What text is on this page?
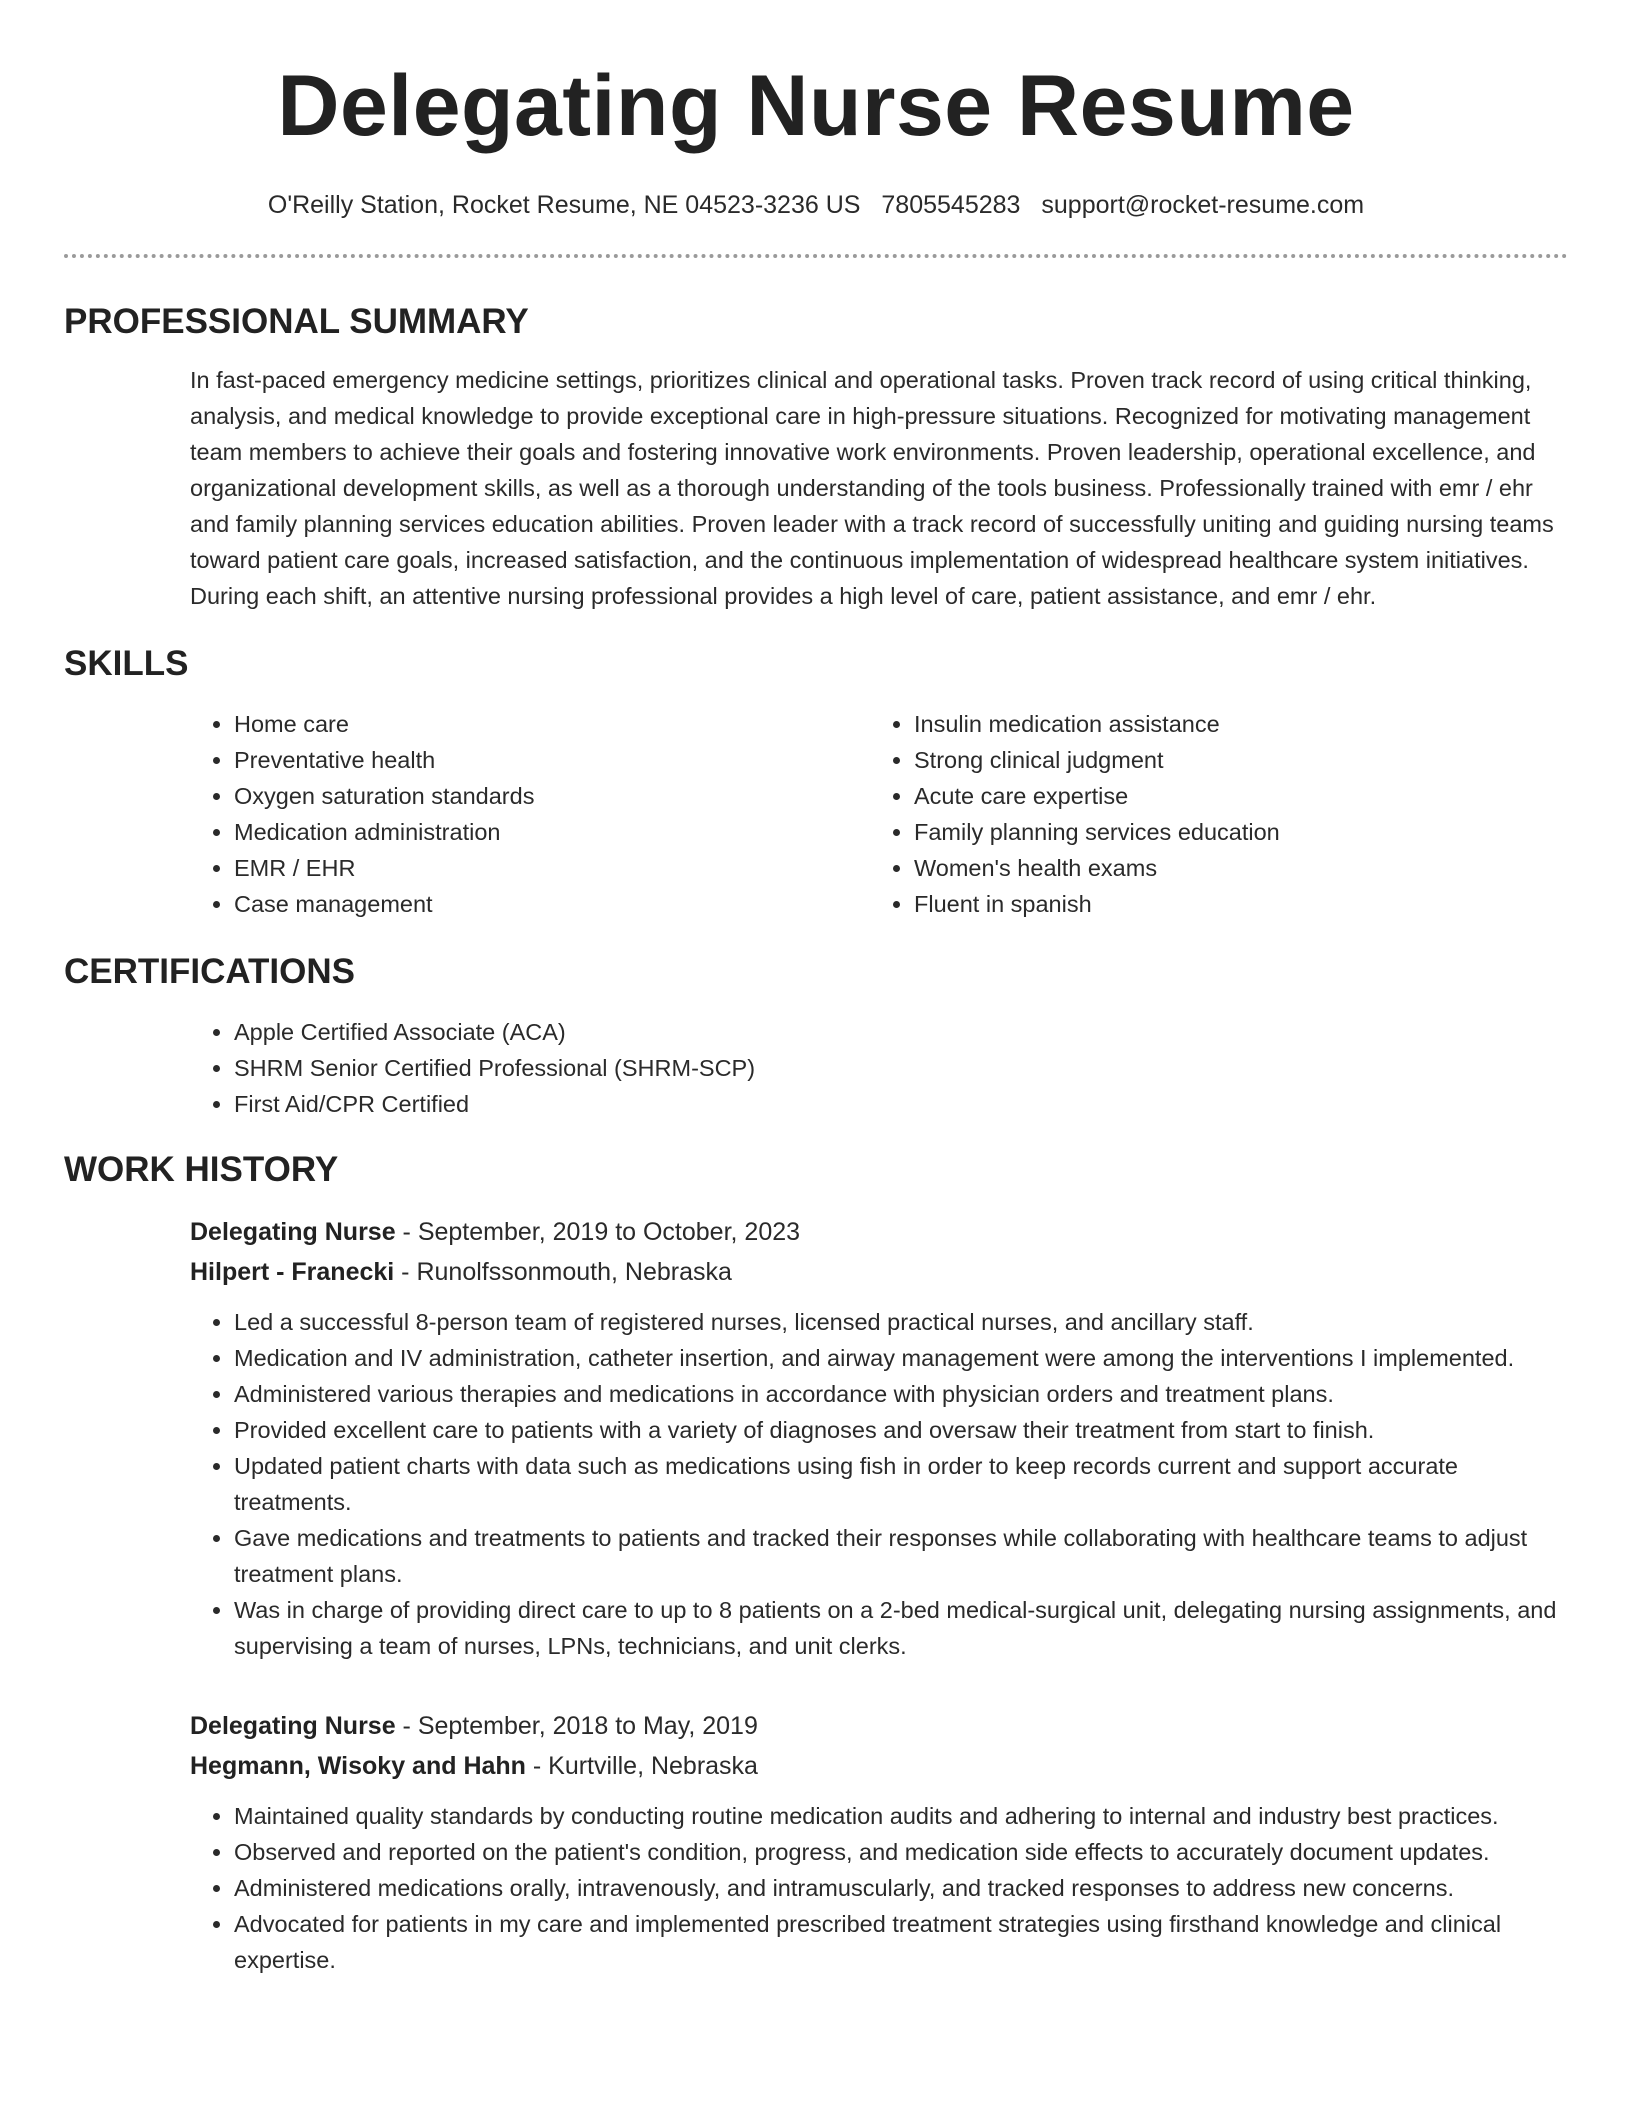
Delegating Nurse Resume
O'Reilly Station, Rocket Resume, NE 04523-3236 US 7805545283 support@rocket-resume.com
PROFESSIONAL SUMMARY

In fast-paced emergency medicine settings, prioritizes clinical and operational tasks. Proven track record of using critical thinking, analysis, and medical knowledge to provide exceptional care in high-pressure situations. Recognized for motivating management team members to achieve their goals and fostering innovative work environments. Proven leadership, operational excellence, and organizational development skills, as well as a thorough understanding of the tools business. Professionally trained with emr / ehr and family planning services education abilities. Proven leader with a track record of successfully uniting and guiding nursing teams toward patient care goals, increased satisfaction, and the continuous implementation of widespread healthcare system initiatives. During each shift, an attentive nursing professional provides a high level of care, patient assistance, and emr / ehr.

SKILLS
• Home care
• Preventative health
• Oxygen saturation standards
• Medication administration
• EMR / EHR
• Case management
• Insulin medication assistance
• Strong clinical judgment
• Acute care expertise
• Family planning services education
• Women's health exams
• Fluent in spanish
CERTIFICATIONS
• Apple Certified Associate (ACA)
• SHRM Senior Certified Professional (SHRM-SCP)
• First Aid/CPR Certified
WORK HISTORY
Delegating Nurse - September, 2019 to October, 2023
Hilpert - Franecki - Runolfssonmouth, Nebraska
• Led a successful 8-person team of registered nurses, licensed practical nurses, and ancillary staff.
• Medication and IV administration, catheter insertion, and airway management were among the interventions I implemented.
• Administered various therapies and medications in accordance with physician orders and treatment plans.
• Provided excellent care to patients with a variety of diagnoses and oversaw their treatment from start to finish.
• Updated patient charts with data such as medications using fish in order to keep records current and support accurate treatments.
• Gave medications and treatments to patients and tracked their responses while collaborating with healthcare teams to adjust treatment plans.
• Was in charge of providing direct care to up to 8 patients on a 2-bed medical-surgical unit, delegating nursing assignments, and supervising a team of nurses, LPNs, technicians, and unit clerks.
Delegating Nurse - September, 2018 to May, 2019
Hegmann, Wisoky and Hahn - Kurtville, Nebraska
• Maintained quality standards by conducting routine medication audits and adhering to internal and industry best practices.
• Observed and reported on the patient's condition, progress, and medication side effects to accurately document updates.
• Administered medications orally, intravenously, and intramuscularly, and tracked responses to address new concerns.
• Advocated for patients in my care and implemented prescribed treatment strategies using firsthand knowledge and clinical expertise.
